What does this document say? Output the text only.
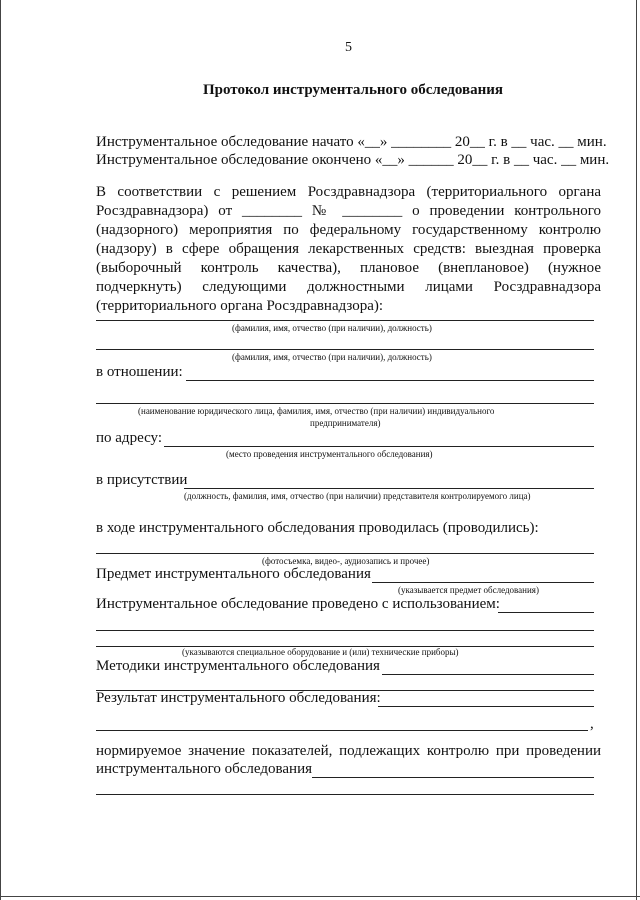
5
Протокол инструментального обследования
Инструментальное обследование начато «__» ________ 20__ г. в __ час. __ мин.
Инструментальное обследование окончено «__» ______ 20__ г. в __ час. __ мин.
В соответствии с решением Росздравнадзора (территориального органа
Росздравнадзора) от ________ № ________ о проведении контрольного
(надзорного) мероприятия по федеральному государственному контролю
(надзору) в сфере обращения лекарственных средств: выездная проверка
(выборочный контроль качества), плановое (внеплановое) (нужное
подчеркнуть) следующими должностными лицами Росздравнадзора
(территориального органа Росздравнадзора):
(фамилия, имя, отчество (при наличии), должность)
(фамилия, имя, отчество (при наличии), должность)
в отношении:
(наименование юридического лица, фамилия, имя, отчество (при наличии) индивидуального
предпринимателя)
по адресу:
(место проведения инструментального обследования)
в присутствии
(должность, фамилия, имя, отчество (при наличии) представителя контролируемого лица)
в ходе инструментального обследования проводилась (проводились):
(фотосъемка, видео-, аудиозапись и прочее)
Предмет инструментального обследования
(указывается предмет обследования)
Инструментальное обследование проведено с использованием:
(указываются специальное оборудование и (или) технические приборы)
Методики инструментального обследования
Результат инструментального обследования:
,
нормируемое значение показателей, подлежащих контролю при проведении
инструментального обследования
